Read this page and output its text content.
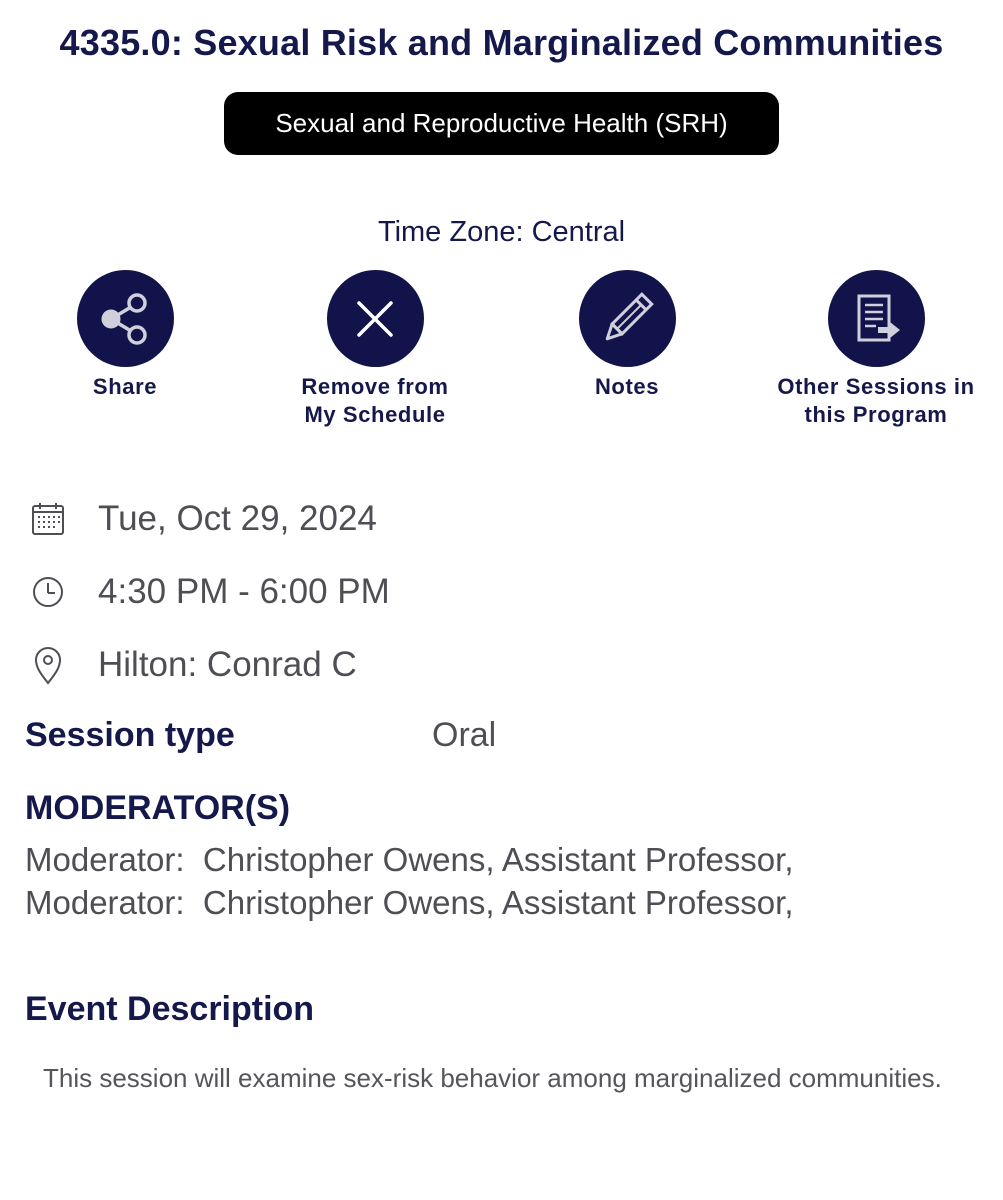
4335.0: Sexual Risk and Marginalized Communities
Sexual and Reproductive Health (SRH)
Time Zone: Central
Share	Remove from
My Schedule
Notes	Other Sessions in
this Program
Tue, Oct 29, 2024
4:30 PM - 6:00 PM
Hilton: Conrad C
Session type	Oral
MODERATOR(S)
Moderator:  Christopher Owens, Assistant Professor,
Moderator:  Christopher Owens, Assistant Professor,
Event Description
This session will examine sex-risk behavior among marginalized communities.
